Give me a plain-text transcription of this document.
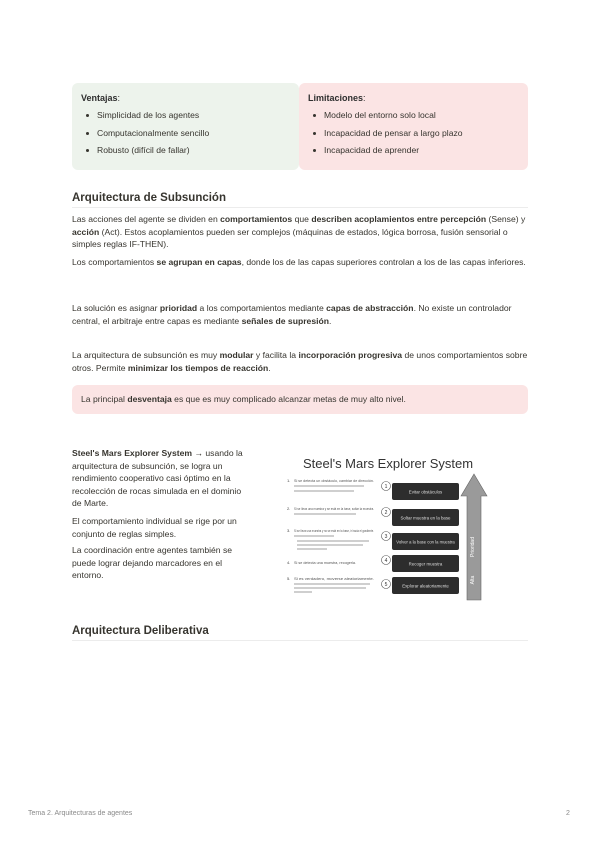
Ventajas:
Simplicidad de los agentes
Computacionalmente sencillo
Robusto (difícil de fallar)
Limitaciones:
Modelo del entorno solo local
Incapacidad de pensar a largo plazo
Incapacidad de aprender
Arquitectura de Subsunción

Las acciones del agente se dividen en comportamientos que describen acoplamientos entre percepción (Sense) y acción (Act). Estos acoplamientos pueden ser complejos (máquinas de estados, lógica borrosa, fusión sensorial o simples reglas IF-THEN).

Los comportamientos se agrupan en capas, donde los de las capas superiores controlan a los de las capas inferiores.

La solución es asignar prioridad a los comportamientos mediante capas de abstracción. No existe un controlador central, el arbitraje entre capas es mediante señales de supresión.

La arquitectura de subsunción es muy modular y facilita la incorporación progresiva de unos comportamientos sobre otros. Permite minimizar los tiempos de reacción.

La principal desventaja es que es muy complicado alcanzar metas de muy alto nivel.

Steel's Mars Explorer System → usando la arquitectura de subsunción, se logra un rendimiento cooperativo casi óptimo en la recolección de rocas simulada en el dominio de Marte.

El comportamiento individual se rige por un conjunto de reglas simples.

La coordinación entre agentes también se puede lograr dejando marcadores en el entorno.

Steel's Mars Explorer System
Prioridad
Alta
1. Si se detecta un obstáculo, cambiar de dirección.
1
Evitar obstáculos
2. Si se lleva una muestra y se está en la base, soltar la muestra.
2
Soltar muestra en la base
3. Si se lleva una muestra y no se está en la base, ir hacia el gradiente.
3
Volver a la base con la muestra
4. Si se detecta una muestra, recogerla.	4	Recoger muestra
5. Si es verdadero, moverse aleatoriamente.
5	Explorar aleatoriamente
Arquitectura Deliberativa
Tema 2. Arquitecturas de agentes	2
